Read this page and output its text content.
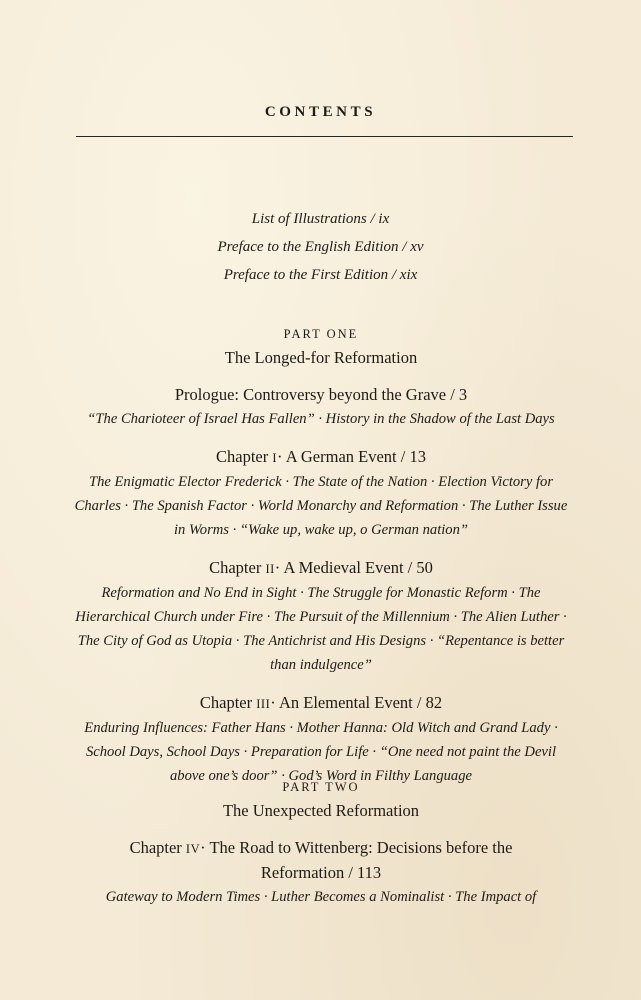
CONTENTS
List of Illustrations / ix
Preface to the English Edition / xv
Preface to the First Edition / xix
PART ONE
The Longed-for Reformation
Prologue: Controversy beyond the Grave / 3
“The Charioteer of Israel Has Fallen” · History in the Shadow of the Last Days
Chapter I· A German Event / 13
The Enigmatic Elector Frederick · The State of the Nation · Election Victory for Charles · The Spanish Factor · World Monarchy and Reformation · The Luther Issue in Worms · “Wake up, wake up, o German nation”
Chapter II· A Medieval Event / 50
Reformation and No End in Sight · The Struggle for Monastic Reform · The Hierarchical Church under Fire · The Pursuit of the Millennium · The Alien Luther · The City of God as Utopia · The Antichrist and His Designs · “Repentance is better than indulgence”
Chapter III· An Elemental Event / 82
Enduring Influences: Father Hans · Mother Hanna: Old Witch and Grand Lady · School Days, School Days · Preparation for Life · “One need not paint the Devil above one’s door” · God’s Word in Filthy Language
PART TWO
The Unexpected Reformation
Chapter IV· The Road to Wittenberg: Decisions before the Reformation / 113
Gateway to Modern Times · Luther Becomes a Nominalist · The Impact of
